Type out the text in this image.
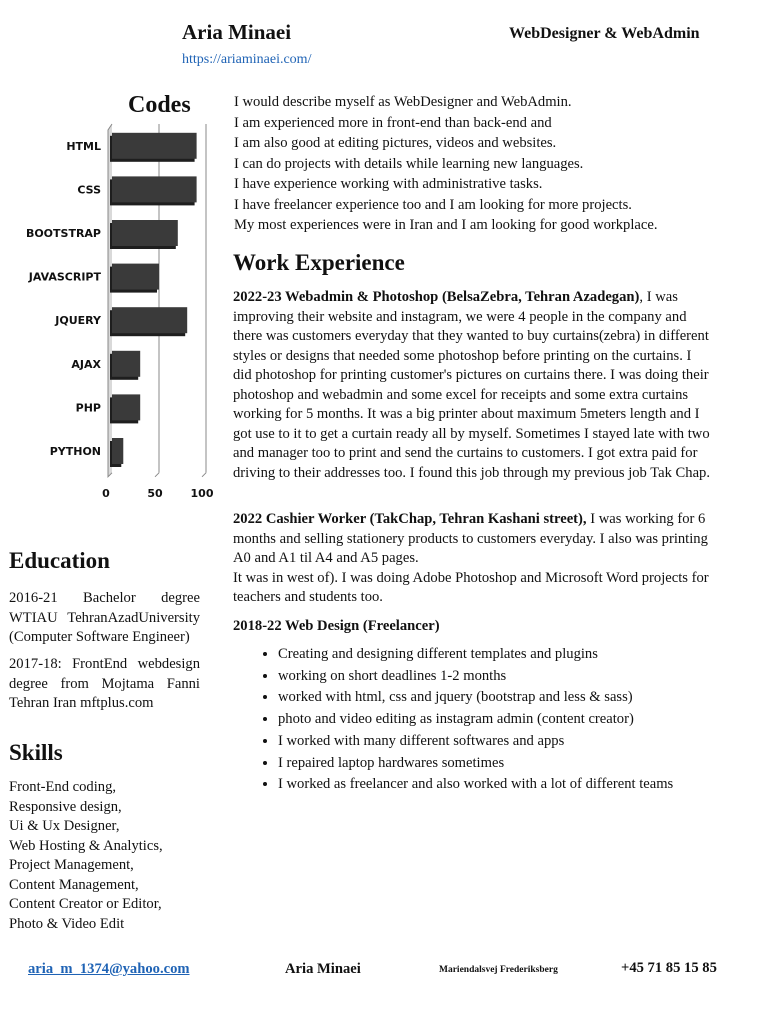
Aria Minaei	WebDesigner & WebAdmin
https://ariaminaei.com/
Codes
HTML
CSS
BOOTSTRAP
JAVASCRIPT
JQUERY
AJAX
PHP
PYTHON
0	50	100
I would describe myself as WebDesigner and WebAdmin.
I am experienced more in front-end than back-end and
I am also good at editing pictures, videos and websites.
I can do projects with details while learning new languages.
I have experience working with administrative tasks.
I have freelancer experience too and I am looking for more projects.
My most experiences were in Iran and I am looking for good workplace.
Work Experience
2022-23 Webadmin & Photoshop (BelsaZebra, Tehran Azadegan), I was improving their website and instagram, we were 4 people in the company and there was customers everyday that they wanted to buy curtains(zebra) in different styles or designs that needed some photoshop before printing on the curtains. I did photoshop for printing customer's pictures on curtains there. I was doing their photoshop and webadmin and some excel for receipts and some extra curtains working for 5 months. It was a big printer about maximum 5meters length and I got use to it to get a curtain ready all by myself. Sometimes I stayed late with two and manager too to print and send the curtains to customers. I got extra paid for driving to their addresses too. I found this job through my previous job Tak Chap.
2022 Cashier Worker (TakChap, Tehran Kashani street), I was working for 6 months and selling stationery products to customers everyday. I also was printing A0 and A1 til A4 and A5 pages.
It was in west of). I was doing Adobe Photoshop and Microsoft Word projects for teachers and students too.
2018-22 Web Design (Freelancer)
• Creating and designing different templates and plugins
• working on short deadlines 1-2 months
• worked with html, css and jquery (bootstrap and less & sass)
• photo and video editing as instagram admin (content creator)
• I worked with many different softwares and apps
• I repaired laptop hardwares sometimes
• I worked as freelancer and also worked with a lot of different teams
Education
2016-21 Bachelor degree WTIAU TehranAzadUniversity (Computer Software Engineer)
2017-18: FrontEnd webdesign degree from Mojtama Fanni Tehran Iran mftplus.com
Skills
Front-End coding,
Responsive design,
Ui & Ux Designer,
Web Hosting & Analytics,
Project Management,
Content Management,
Content Creator or Editor,
Photo & Video Edit
aria_m_1374@yahoo.com	Aria Minaei	Mariendalsvej Frederiksberg	+45 71 85 15 85
